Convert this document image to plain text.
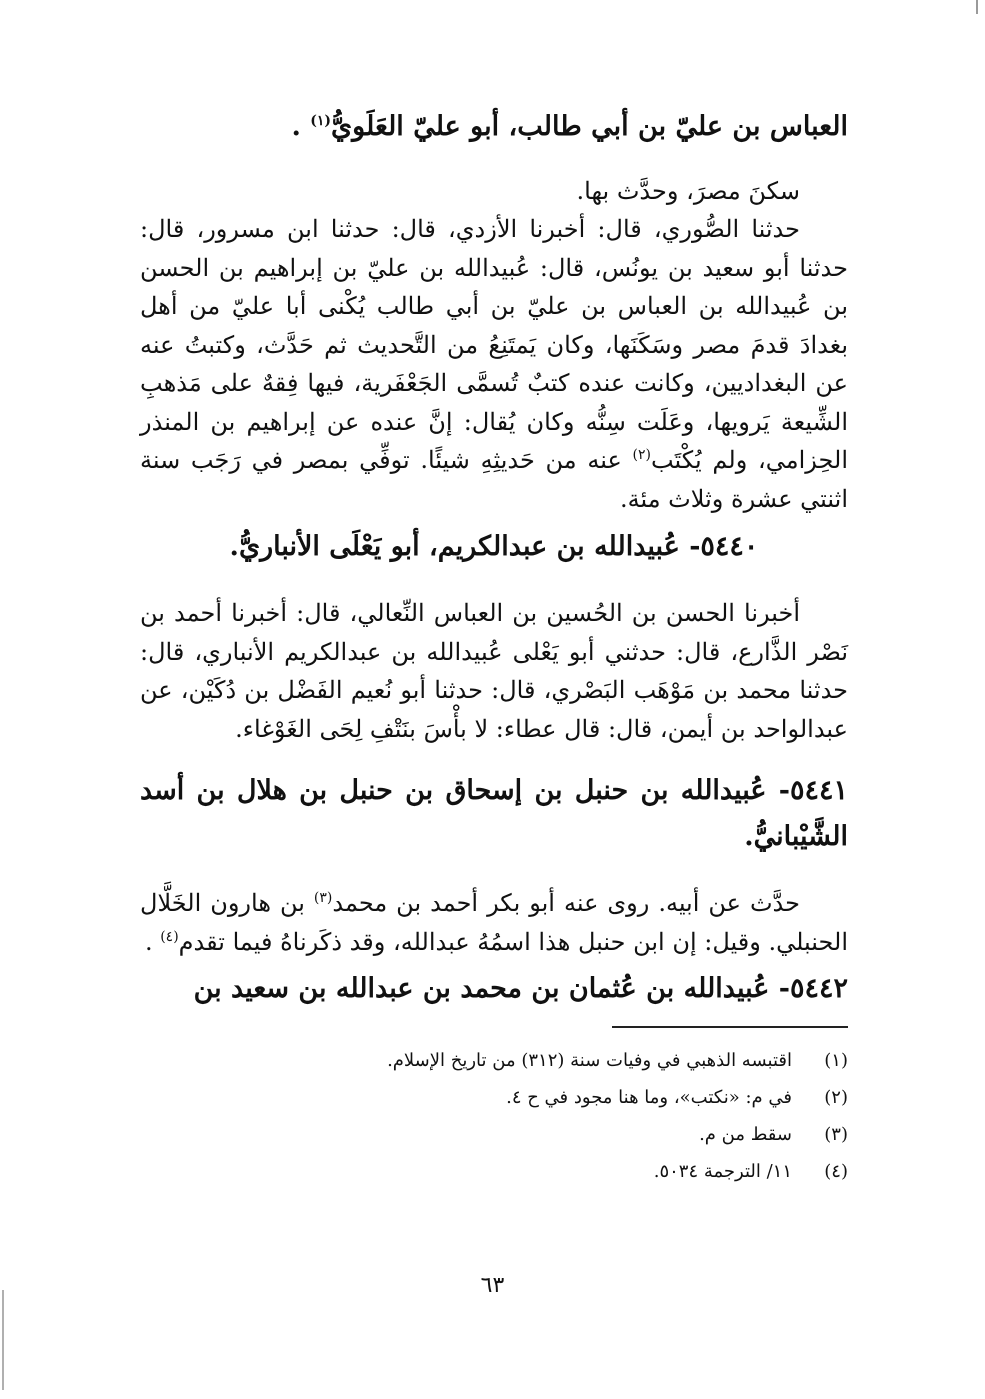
العباس بن عليّ بن أبي طالب، أبو عليّ العَلَويُّ$^{(١)}$ .
سكنَ مصرَ، وحدَّث بها.
حدثنا الصُّوري، قال: أخبرنا الأزدي، قال: حدثنا ابن مسرور، قال: حدثنا أبو سعيد بن يونُس، قال: عُبيدالله بن عليّ بن إبراهيم بن الحسن بن عُبيدالله بن العباس بن عليّ بن أبي طالب يُكْنى أبا عليّ من أهل بغدادَ قدمَ مصر وسَكَنَها، وكان يَمتَنِعُ من التَّحديث ثم حَدَّث، وكتبتُ عنه عن البغداديين، وكانت عنده كتبٌ تُسمَّى الجَعْفَرية، فيها فِقهٌ على مَذهبِ الشِّيعة يَرويها، وعَلَت سِنُّه وكان يُقال: إنَّ عنده عن إبراهيم بن المنذر الحِزامي، ولم يُكْتَب$^{(٢)}$ عنه من حَديثِهِ شيئًا. توفِّي بمصر في رَجَب سنة اثنتي عشرة وثلاث مئة.
٥٤٤٠- عُبيدالله بن عبدالكريم، أبو يَعْلَى الأنباريُّ.
أخبرنا الحسن بن الحُسين بن العباس النِّعالي، قال: أخبرنا أحمد بن نَصْر الذَّارع، قال: حدثني أبو يَعْلى عُبيدالله بن عبدالكريم الأنباري، قال: حدثنا محمد بن مَوْهَب البَصْري، قال: حدثنا أبو نُعيم الفَضْل بن دُكَيْن، عن عبدالواحد بن أيمن، قال: قال عطاء: لا بأْسَ بنَتْفِ لِحَى الغَوْغاء.
٥٤٤١- عُبيدالله بن حنبل بن إسحاق بن حنبل بن هلال بن أسد الشَّيْبانيُّ.
حدَّث عن أبيه. روى عنه أبو بكر أحمد بن محمد$^{(٣)}$ بن هارون الخَلَّال الحنبلي. وقيل: إن ابن حنبل هذا اسمُهُ عبدالله، وقد ذكَرناهُ فيما تقدم$^{(٤)}$ .
٥٤٤٢- عُبيدالله بن عُثمان بن محمد بن عبدالله بن سعيد بن
(١)
اقتبسه الذهبي في وفيات سنة (٣١٢) من تاريخ الإسلام.
(٢)
في م: «نكتب»، وما هنا مجود في ح ٤.
(٣)
سقط من م.
(٤)
١١/ الترجمة ٥٠٣٤.
٦٣
